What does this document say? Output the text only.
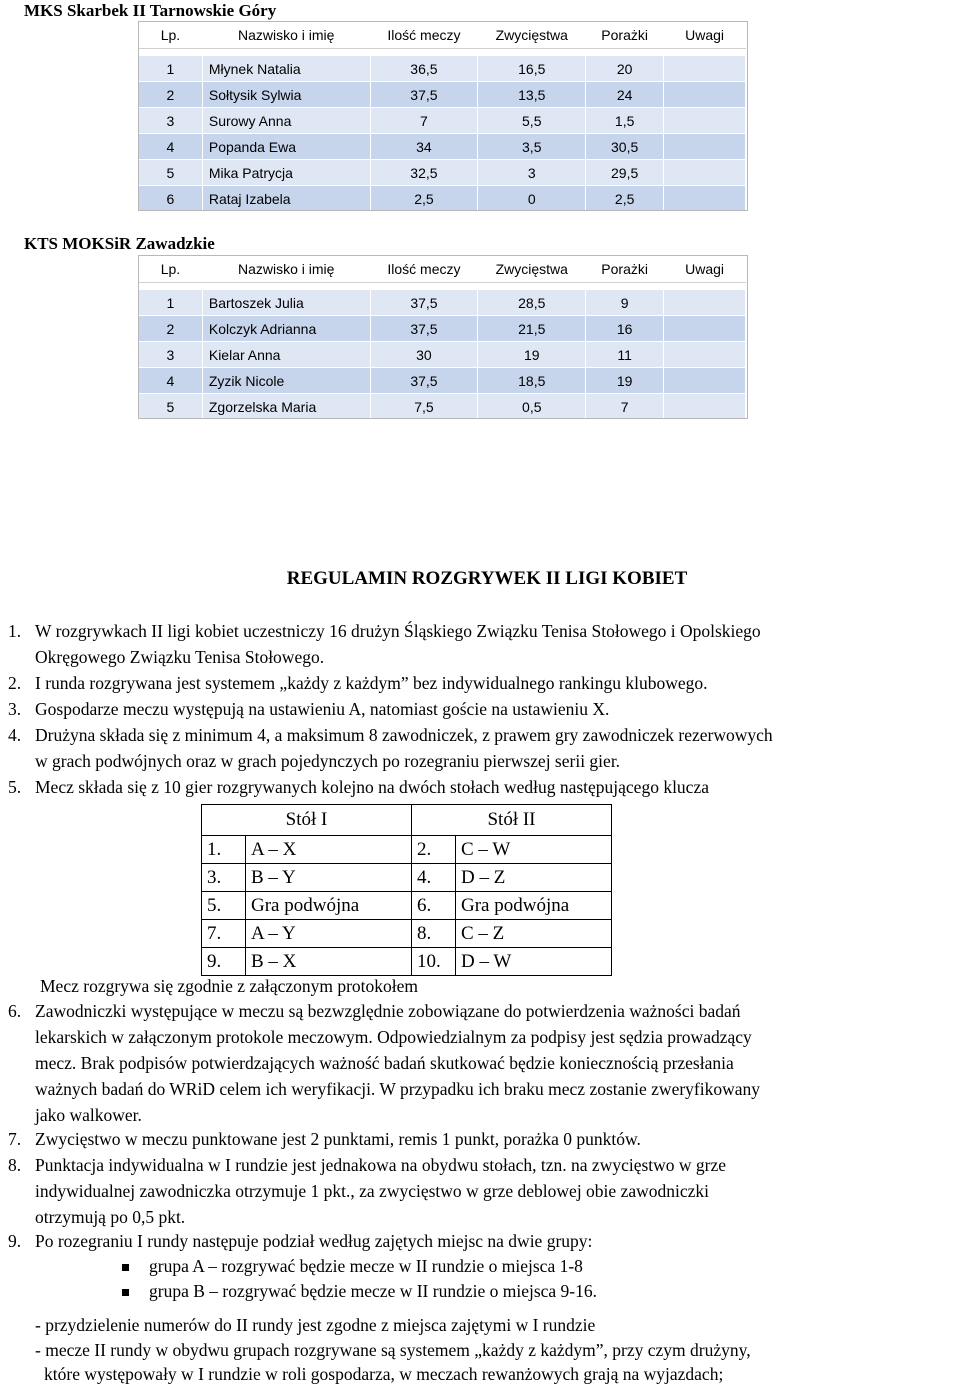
MKS Skarbek II Tarnowskie Góry
Lp.	Nazwisko i imię	Ilość meczy	Zwycięstwa	Porażki	Uwagi

1	Młynek Natalia	36,5	16,5	20	
2	Sołtysik Sylwia	37,5	13,5	24	
3	Surowy Anna	7	5,5	1,5	
4	Popanda Ewa	34	3,5	30,5	
5	Mika Patrycja	32,5	3	29,5	
6	Rataj Izabela	2,5	0	2,5	

KTS MOKSiR Zawadzkie
Lp.	Nazwisko i imię	Ilość meczy	Zwycięstwa	Porażki	Uwagi

1	Bartoszek Julia	37,5	28,5	9	
2	Kolczyk Adrianna	37,5	21,5	16	
3	Kielar Anna	30	19	11	
4	Zyzik Nicole	37,5	18,5	19	
5	Zgorzelska Maria	7,5	0,5	7	

REGULAMIN ROZGRYWEK II LIGI KOBIET
1. W rozgrywkach II ligi kobiet uczestniczy 16 drużyn Śląskiego Związku Tenisa Stołowego i Opolskiego
Okręgowego Związku Tenisa Stołowego.
2. I runda rozgrywana jest systemem „każdy z każdym” bez indywidualnego rankingu klubowego.
3. Gospodarze meczu występują na ustawieniu A, natomiast goście na ustawieniu X.
4. Drużyna składa się z minimum 4, a maksimum 8 zawodniczek, z prawem gry zawodniczek rezerwowych
w grach podwójnych oraz w grach pojedynczych po rozegraniu pierwszej serii gier.
5. Mecz składa się z 10 gier rozgrywanych kolejno na dwóch stołach według następującego klucza
Stół I		Stół II	
1.	A – X	2.	C – W
3.	B – Y	4.	D – Z
5.	Gra podwójna	6.	Gra podwójna
7.	A – Y	8.	C – Z
9.	B – X	10.	D – W
Mecz rozgrywa się zgodnie z załączonym protokołem
6. Zawodniczki występujące w meczu są bezwzględnie zobowiązane do potwierdzenia ważności badań
lekarskich w załączonym protokole meczowym. Odpowiedzialnym za podpisy jest sędzia prowadzący
mecz. Brak podpisów potwierdzających ważność badań skutkować będzie koniecznością przesłania
ważnych badań do WRiD celem ich weryfikacji. W przypadku ich braku mecz zostanie zweryfikowany
jako walkower.
7. Zwycięstwo w meczu punktowane jest 2 punktami, remis 1 punkt, porażka 0 punktów.
8. Punktacja indywidualna w I rundzie jest jednakowa na obydwu stołach, tzn. na zwycięstwo w grze
indywidualnej zawodniczka otrzymuje 1 pkt., za zwycięstwo w grze deblowej obie zawodniczki
otrzymują po 0,5 pkt.
9. Po rozegraniu I rundy następuje podział według zajętych miejsc na dwie grupy:
grupa A – rozgrywać będzie mecze w II rundzie o miejsca 1-8
grupa B – rozgrywać będzie mecze w II rundzie o miejsca 9-16.
- przydzielenie numerów do II rundy jest zgodne z miejsca zajętymi w I rundzie
- mecze II rundy w obydwu grupach rozgrywane są systemem „każdy z każdym”, przy czym drużyny,
które występowały w I rundzie w roli gospodarza, w meczach rewanżowych grają na wyjazdach;
